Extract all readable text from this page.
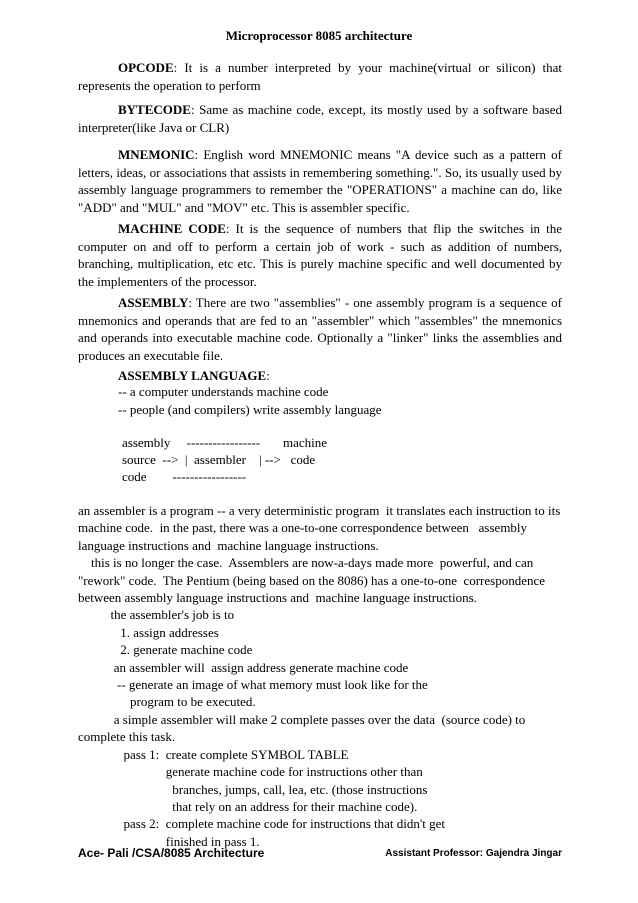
Microprocessor 8085 architecture

OPCODE: It is a number interpreted by your machine(virtual or silicon) that represents the operation to perform

BYTECODE: Same as machine code, except, its mostly used by a software based interpreter(like Java or CLR)

MNEMONIC: English word MNEMONIC means "A device such as a pattern of letters, ideas, or associations that assists in remembering something.". So, its usually used by assembly language programmers to remember the "OPERATIONS" a machine can do, like "ADD" and "MUL" and "MOV" etc. This is assembler specific.

MACHINE CODE: It is the sequence of numbers that flip the switches in the computer on and off to perform a certain job of work - such as addition of numbers, branching, multiplication, etc etc. This is purely machine specific and well documented by the implementers of the processor.

ASSEMBLY: There are two "assemblies" - one assembly program is a sequence of mnemonics and operands that are fed to an "assembler" which "assembles" the mnemonics and operands into executable machine code. Optionally a "linker" links the assemblies and produces an executable file.

ASSEMBLY LANGUAGE:
-- a computer understands machine code
-- people (and compilers) write assembly language
assembly     -----------------       machine
source  -->  |  assembler    | -->   code
code        -----------------
an assembler is a program -- a very deterministic program  it translates each instruction to its
machine code.  in the past, there was a one-to-one correspondence between   assembly
language instructions and  machine language instructions.
this is no longer the case.  Assemblers are now-a-days made more  powerful, and can
"rework" code.  The Pentium (being based on the 8086) has a one-to-one  correspondence
between assembly language instructions and  machine language instructions.
the assembler's job is to
1. assign addresses
2. generate machine code
an assembler will  assign address generate machine code
-- generate an image of what memory must look like for the
program to be executed.
a simple assembler will make 2 complete passes over the data  (source code) to
complete this task.
pass 1:  create complete SYMBOL TABLE
generate machine code for instructions other than
branches, jumps, call, lea, etc. (those instructions
that rely on an address for their machine code).
pass 2:  complete machine code for instructions that didn't get
finished in pass 1.
Ace- Pali /CSA/8085 Architecture	Assistant Professor: Gajendra Jingar
